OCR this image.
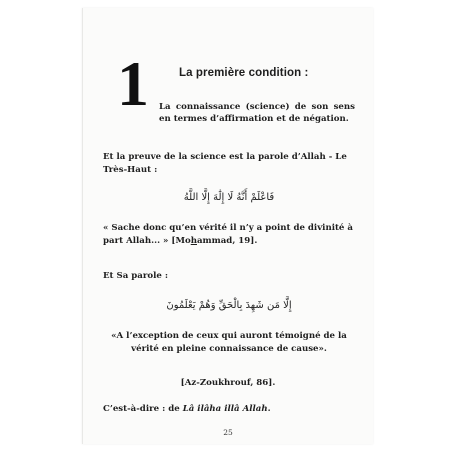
1	La première condition :
La connaissance (science) de son sens en termes d’affirmation et de négation.
Et la preuve de la science est la parole d’Allah - Le Très-Haut :
فَاعْلَمْ أَنَّهُ لَا إِلَٰهَ إِلَّا اللَّهُ
« Sache donc qu’en vérité il n’y a point de divinité à part Allah... » [Mohammad, 19].
Et Sa parole :
إِلَّا مَن شَهِدَ بِالْحَقِّ وَهُمْ يَعْلَمُونَ
«A l’exception de ceux qui auront témoigné de la vérité en pleine connaissance de cause».
[Az-Zoukhrouf, 86].
C’est-à-dire : de Lâ ilâha illâ Allah.
25
